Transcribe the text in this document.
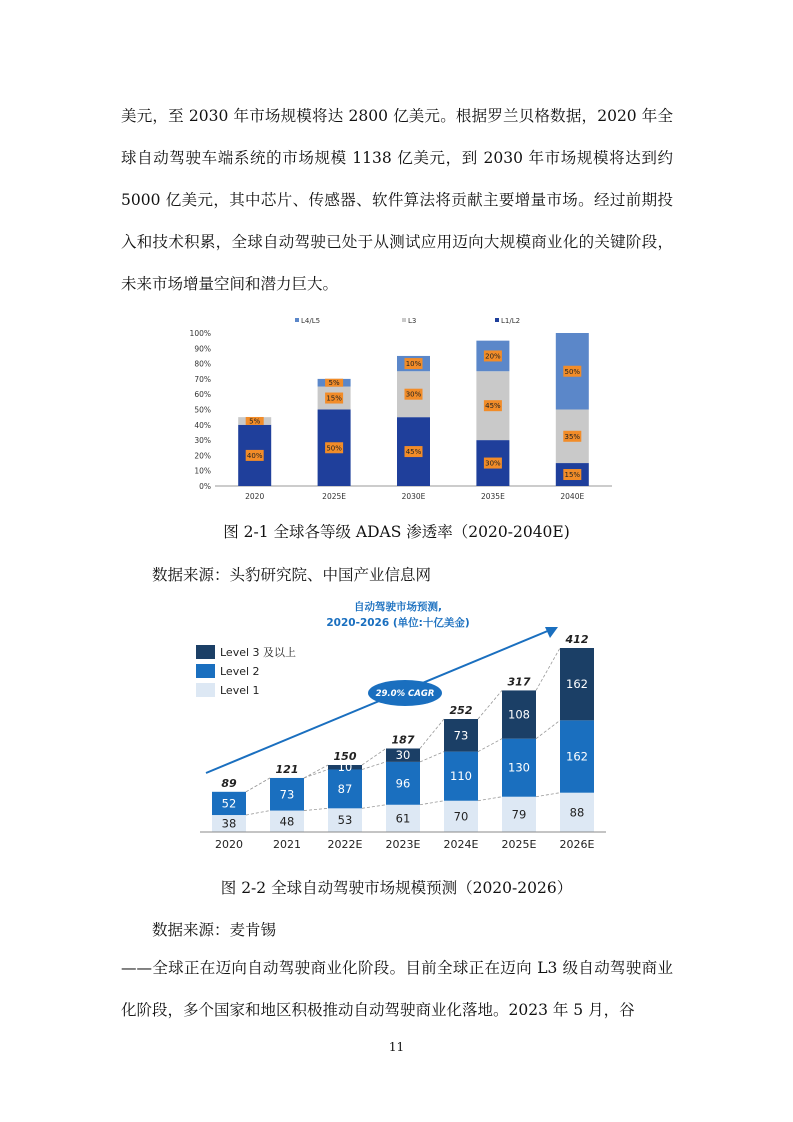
美元，至 2030 年市场规模将达 2800 亿美元。根据罗兰贝格数据，2020 年全球自动驾驶车端系统的市场规模 1138 亿美元，到 2030 年市场规模将达到约 5000 亿美元，其中芯片、传感器、软件算法将贡献主要增量市场。经过前期投入和技术积累，全球自动驾驶已处于从测试应用迈向大规模商业化的关键阶段，未来市场增量空间和潜力巨大。

0%
10%
20%
30%
40%
50%
60%
70%
80%
90%
100%
L4/L5	L3	L1/L2
40%
5%
2020
50%
15%
5%
2025E
45%
30%
10%
2030E
30%
45%
20%
2035E
15%
35%
50%
2040E

图 2-1 全球各等级 ADAS 渗透率（2020-2040E)

数据来源：头豹研究院、中国产业信息网

自动驾驶市场预测,
2020-2026 (单位:十亿美金)
Level 3 及以上
Level 2
Level 1	29.0% CAGR
38
52
89
2020
48
73
121
2021
53
87
10
150
2022E
61
96
30
187
2023E
70
110
73
252
2024E
79
130
108
317
2025E
88
162
162
412
2026E

图 2-2 全球自动驾驶市场规模预测（2020-2026）

数据来源：麦肯锡

——全球正在迈向自动驾驶商业化阶段。目前全球正在迈向 L3 级自动驾驶商业化阶段，多个国家和地区积极推动自动驾驶商业化落地。2023 年 5 月，谷

11
